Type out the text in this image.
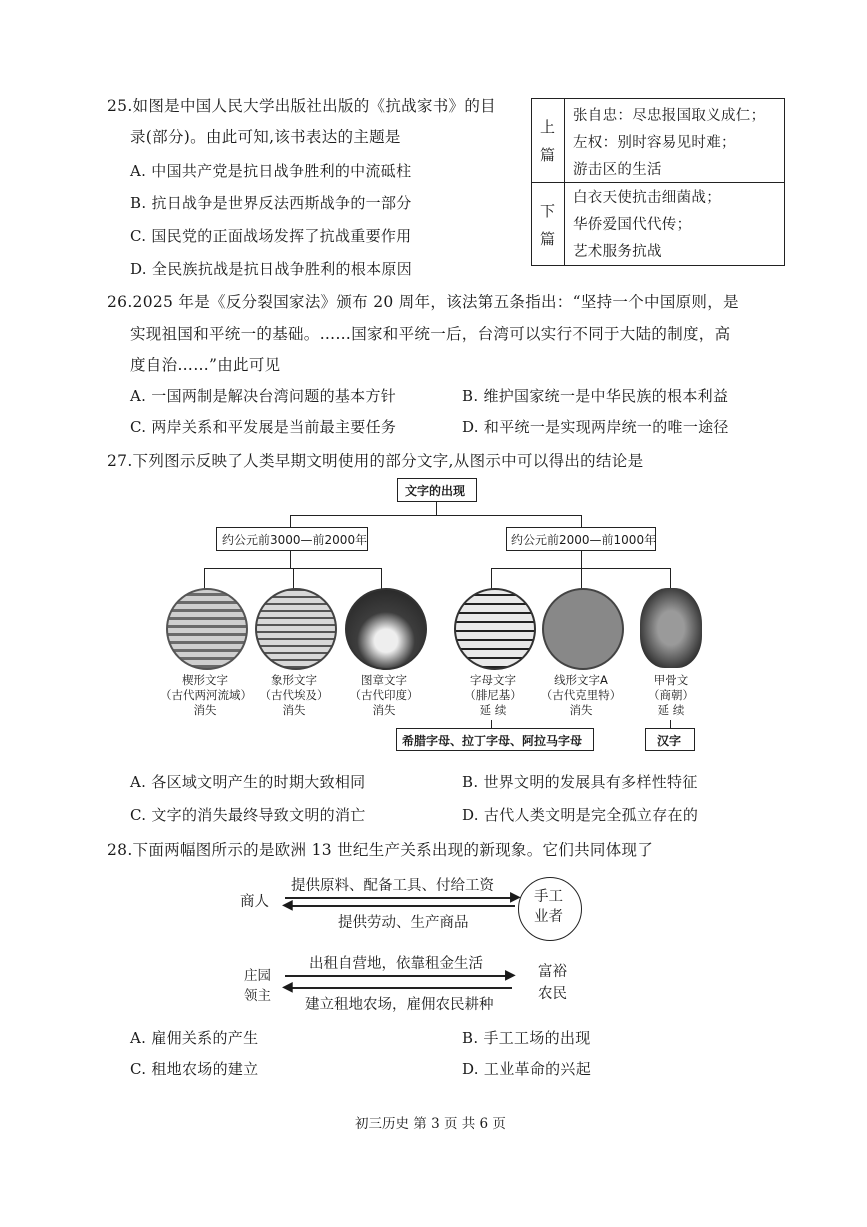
25.如图是中国人民大学出版社出版的《抗战家书》的目
录(部分)。由此可知,该书表达的主题是
A. 中国共产党是抗日战争胜利的中流砥柱
B. 抗日战争是世界反法西斯战争的一部分
C. 国民党的正面战场发挥了抗战重要作用
D. 全民族抗战是抗日战争胜利的根本原因
上
篇
张自忠：尽忠报国取义成仁；
左权：别时容易见时难；
游击区的生活
下
篇
白衣天使抗击细菌战；
华侨爱国代代传；
艺术服务抗战
26.2025 年是《反分裂国家法》颁布 20 周年，该法第五条指出：“坚持一个中国原则，是
实现祖国和平统一的基础。……国家和平统一后，台湾可以实行不同于大陆的制度，高
度自治……”由此可见
A. 一国两制是解决台湾问题的基本方针	B. 维护国家统一是中华民族的根本利益
C. 两岸关系和平发展是当前最主要任务	D. 和平统一是实现两岸统一的唯一途径
27.下列图示反映了人类早期文明使用的部分文字,从图示中可以得出的结论是
文字的出现
约公元前3000—前2000年	约公元前2000—前1000年
楔形文字
（古代两河流域）
消失
象形文字
（古代埃及）
消失
图章文字
（古代印度）
消失
字母文字
（腓尼基）
延 续
线形文字A
（古代克里特）
消失
甲骨文
（商朝）
延 续
希腊字母、拉丁字母、阿拉马字母	汉字
A. 各区域文明产生的时期大致相同	B. 世界文明的发展具有多样性特征
C. 文字的消失最终导致文明的消亡	D. 古代人类文明是完全孤立存在的
28.下面两幅图所示的是欧洲 13 世纪生产关系出现的新现象。它们共同体现了
商人
提供原料、配备工具、付给工资
▶
◀
提供劳动、生产商品
手工
业者
庄园
领主
出租自营地，依靠租金生活
▶
◀
建立租地农场，雇佣农民耕种
富裕
农民
A. 雇佣关系的产生	B. 手工工场的出现
C. 租地农场的建立	D. 工业革命的兴起
初三历史 第 3 页 共 6 页
